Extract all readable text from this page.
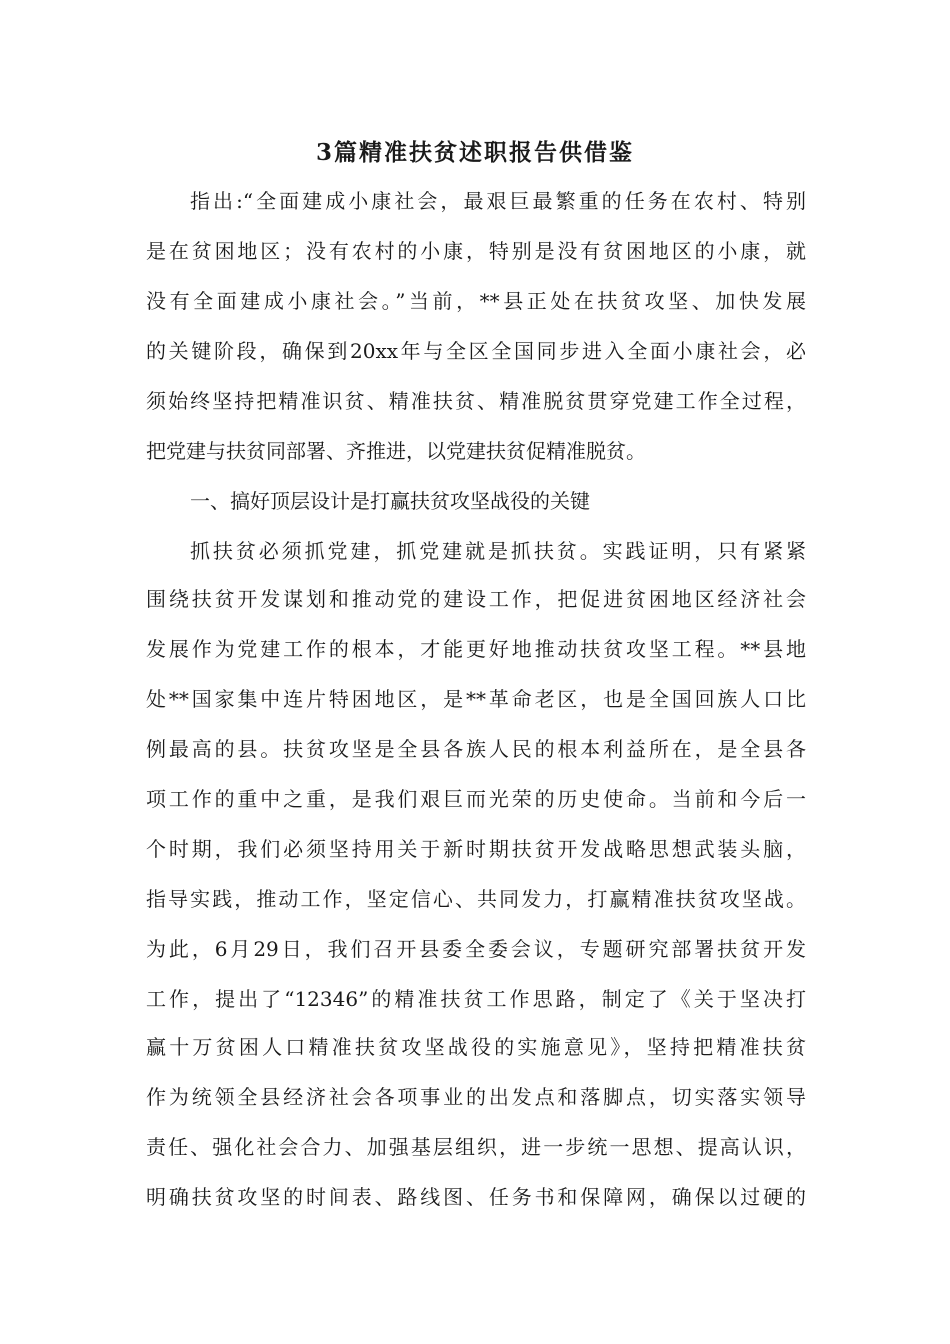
3篇精准扶贫述职报告供借鉴
指出:“全面建成小康社会，最艰巨最繁重的任务在农村、特别
是在贫困地区；没有农村的小康，特别是没有贫困地区的小康，就
没有全面建成小康社会。”当前，**县正处在扶贫攻坚、加快发展
的关键阶段，确保到20xx年与全区全国同步进入全面小康社会，必
须始终坚持把精准识贫、精准扶贫、精准脱贫贯穿党建工作全过程，
把党建与扶贫同部署、齐推进，以党建扶贫促精准脱贫。
一、搞好顶层设计是打赢扶贫攻坚战役的关键
抓扶贫必须抓党建，抓党建就是抓扶贫。实践证明，只有紧紧
围绕扶贫开发谋划和推动党的建设工作，把促进贫困地区经济社会
发展作为党建工作的根本，才能更好地推动扶贫攻坚工程。**县地
处**国家集中连片特困地区，是**革命老区，也是全国回族人口比
例最高的县。扶贫攻坚是全县各族人民的根本利益所在，是全县各
项工作的重中之重，是我们艰巨而光荣的历史使命。当前和今后一
个时期，我们必须坚持用关于新时期扶贫开发战略思想武装头脑，
指导实践，推动工作，坚定信心、共同发力，打赢精准扶贫攻坚战。
为此，6月29日，我们召开县委全委会议，专题研究部署扶贫开发
工作，提出了“12346”的精准扶贫工作思路，制定了《关于坚决打
赢十万贫困人口精准扶贫攻坚战役的实施意见》，坚持把精准扶贫
作为统领全县经济社会各项事业的出发点和落脚点，切实落实领导
责任、强化社会合力、加强基层组织，进一步统一思想、提高认识，
明确扶贫攻坚的时间表、路线图、任务书和保障网，确保以过硬的
